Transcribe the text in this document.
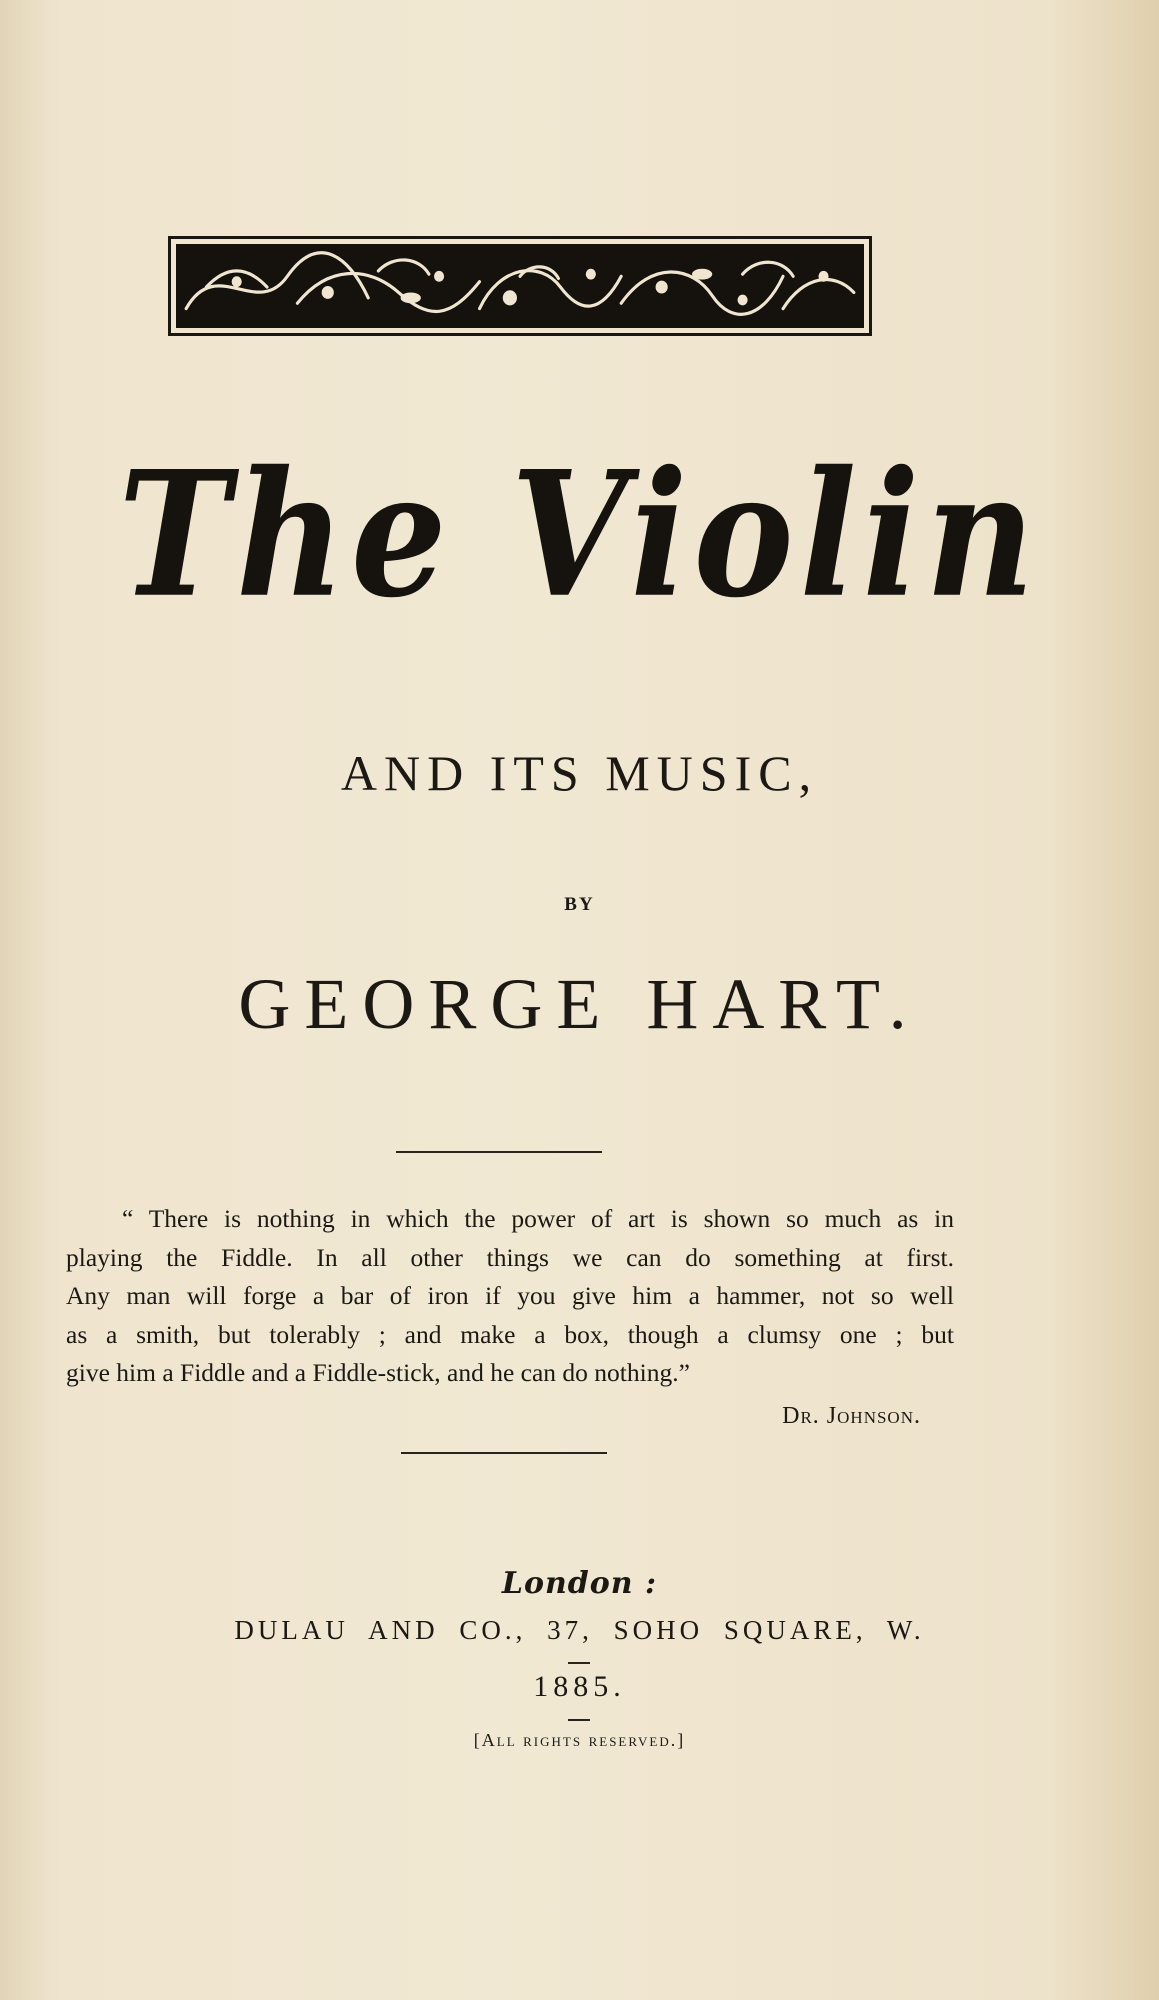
The Violin
AND ITS MUSIC,
BY
GEORGE HART.
“ There is nothing in which the power of art is shown so much as in
playing the Fiddle. In all other things we can do something at first.
Any man will forge a bar of iron if you give him a hammer, not so well
as a smith, but tolerably ; and make a box, though a clumsy one ; but
give him a Fiddle and a Fiddle-stick, and he can do nothing.”
Dr. Johnson.
London :
DULAU AND CO., 37, SOHO SQUARE, W.
1885.
[All rights reserved.]
